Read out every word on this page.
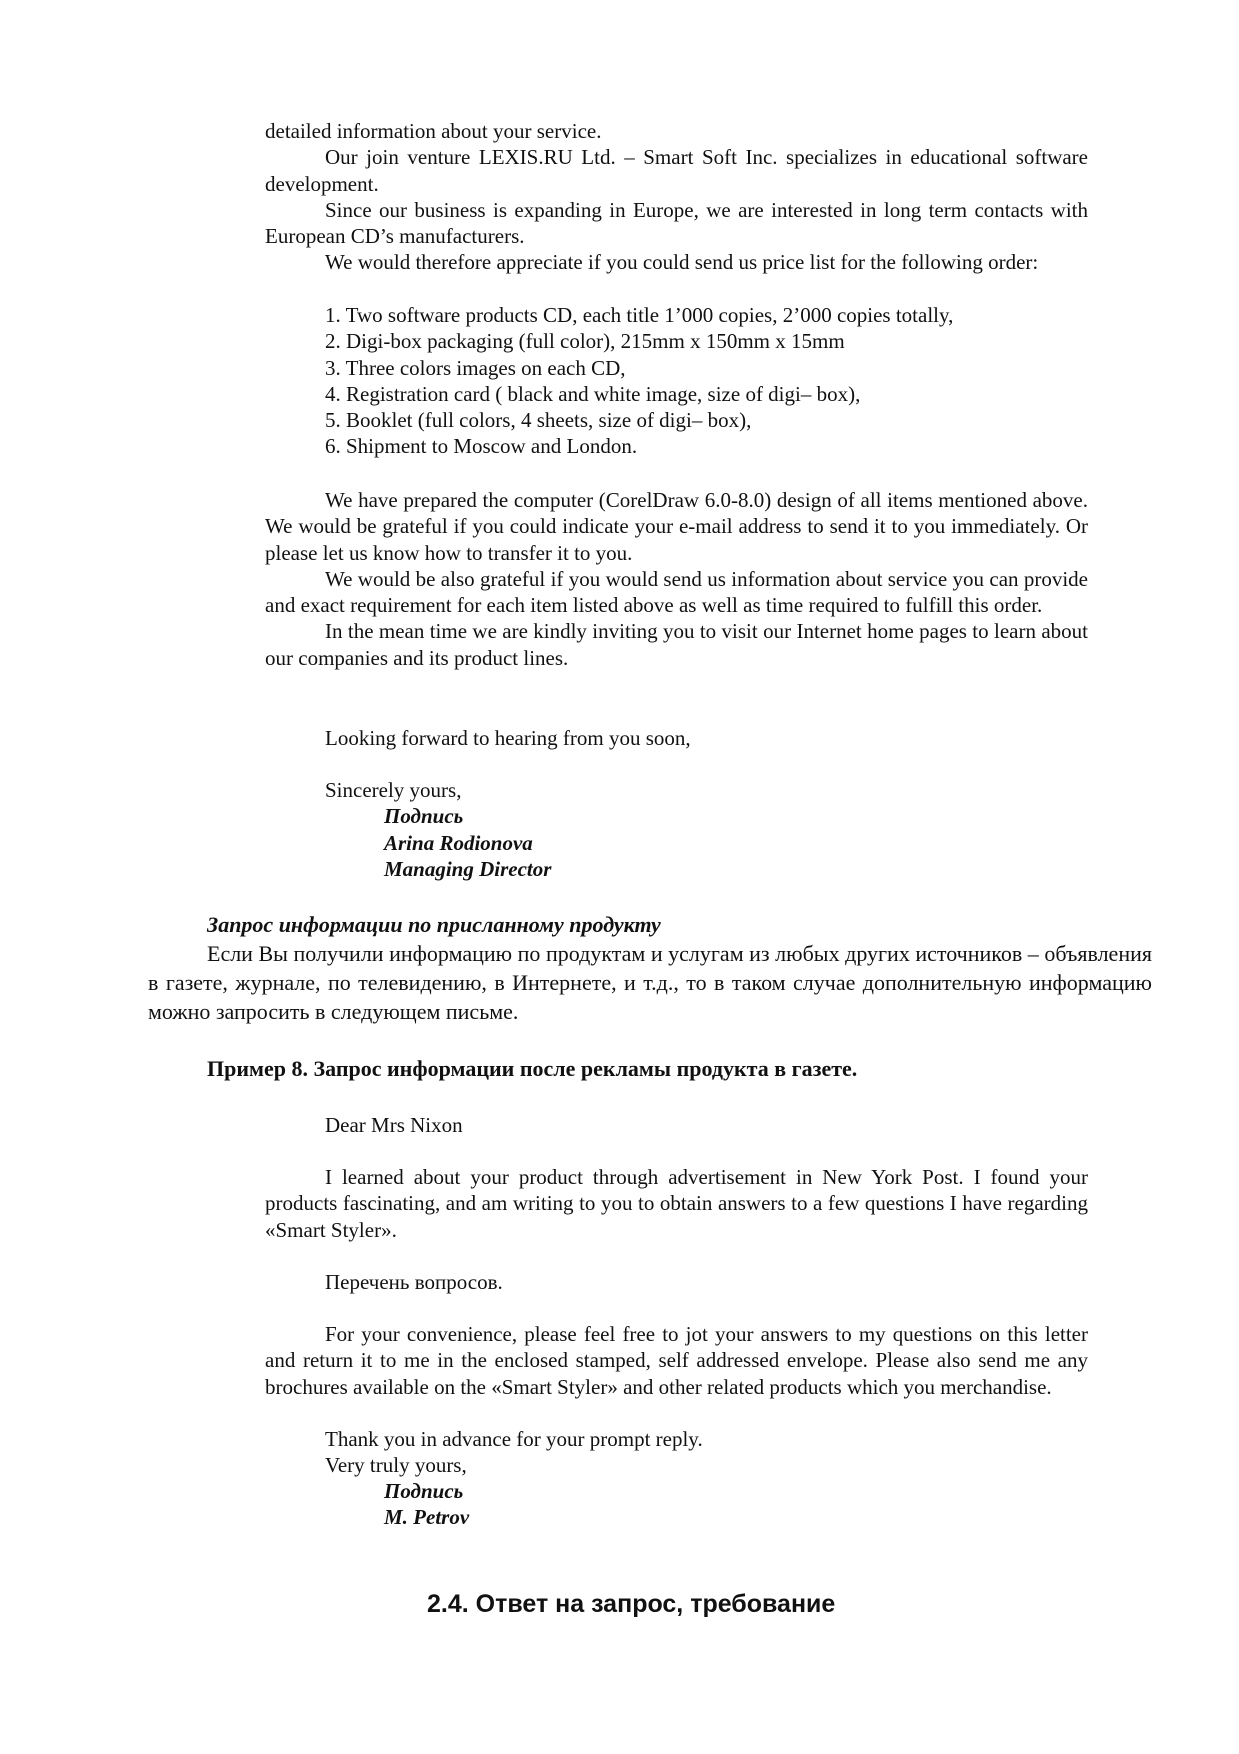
detailed information about your service.

Our join venture LEXIS.RU Ltd. – Smart Soft Inc. specializes in educational software development.

Since our business is expanding in Europe, we are interested in long term contacts with European CD’s manufacturers.

We would therefore appreciate if you could send us price list for the following order:

1. Two software products CD, each title 1’000 copies, 2’000 copies totally,
2. Digi-box packaging (full color), 215mm x 150mm x 15mm
3. Three colors images on each CD,
4. Registration card ( black and white image, size of digi– box),
5. Booklet (full colors, 4 sheets, size of digi– box),
6. Shipment to Moscow and London.

We have prepared the computer (CorelDraw 6.0-8.0) design of all items mentioned above. We would be grateful if you could indicate your e-mail address to send it to you immediately. Or please let us know how to transfer it to you.

We would be also grateful if you would send us information about service you can provide and exact requirement for each item listed above as well as time required to fulfill this order.

In the mean time we are kindly inviting you to visit our Internet home pages to learn about our companies and its product lines.

Looking forward to hearing from you soon,
Sincerely yours,
Подпись
Arina Rodionova
Managing Director
Запрос информации по присланному продукту

Если Вы получили информацию по продуктам и услугам из любых других источников – объявления в газете, журнале, по телевидению, в Интернете, и т.д., то в таком случае дополнительную информацию можно запросить в следующем письме.

Пример 8. Запрос информации после рекламы продукта в газете.
Dear Mrs Nixon

I learned about your product through advertisement in New York Post. I found your products fascinating, and am writing to you to obtain answers to a few questions I have regarding «Smart Styler».

Перечень вопросов.

For your convenience, please feel free to jot your answers to my questions on this letter and return it to me in the enclosed stamped, self addressed envelope. Please also send me any brochures available on the «Smart Styler» and other related products which you merchandise.

Thank you in advance for your prompt reply.
Very truly yours,
Подпись
M. Petrov
2.4. Ответ на запрос, требование
